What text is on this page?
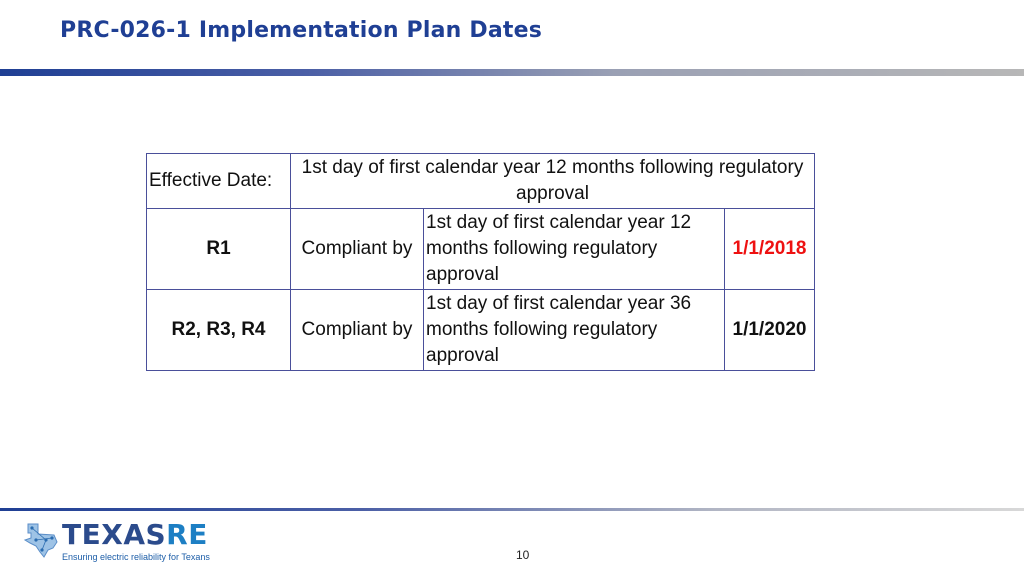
PRC-026-1 Implementation Plan Dates
Effective Date:	1st day of first calendar year 12 months following regulatory approval		
R1	Compliant by	1st day of first calendar year 12 months following regulatory approval	1/1/2018
R2, R3, R4	Compliant by	1st day of first calendar year 36 months following regulatory approval	1/1/2020
TEXASRE
Ensuring electric reliability for Texans	10
